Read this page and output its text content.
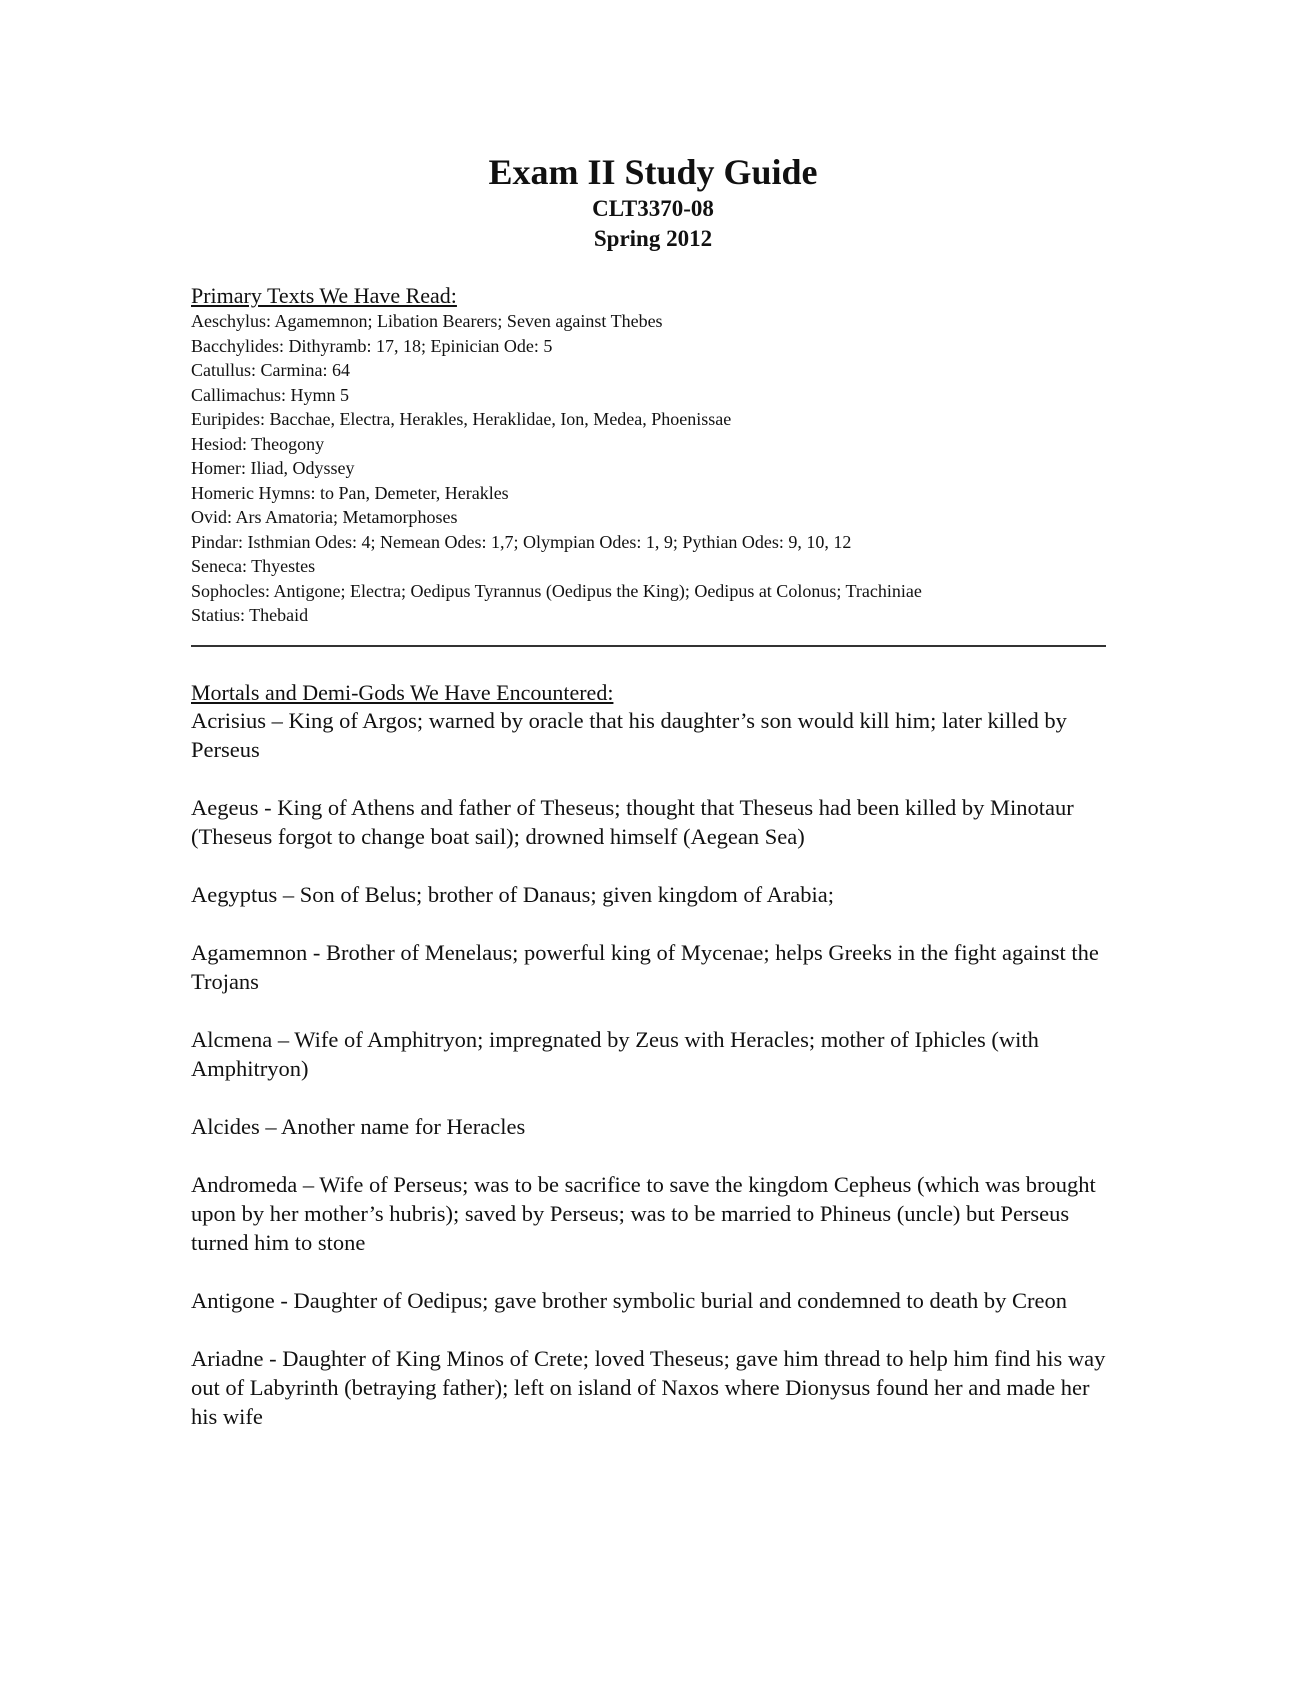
Exam II Study Guide
CLT3370-08
Spring 2012
Primary Texts We Have Read:
Aeschylus: Agamemnon; Libation Bearers; Seven against Thebes
Bacchylides: Dithyramb: 17, 18; Epinician Ode: 5
Catullus: Carmina: 64
Callimachus: Hymn 5
Euripides: Bacchae, Electra, Herakles, Heraklidae, Ion, Medea, Phoenissae
Hesiod: Theogony
Homer: Iliad, Odyssey
Homeric Hymns: to Pan, Demeter, Herakles
Ovid: Ars Amatoria; Metamorphoses
Pindar: Isthmian Odes: 4; Nemean Odes: 1,7; Olympian Odes: 1, 9; Pythian Odes: 9, 10, 12
Seneca: Thyestes
Sophocles: Antigone; Electra; Oedipus Tyrannus (Oedipus the King); Oedipus at Colonus; Trachiniae
Statius: Thebaid
Mortals and Demi-Gods We Have Encountered:
Acrisius – King of Argos; warned by oracle that his daughter’s son would kill him; later killed by Perseus
Aegeus - King of Athens and father of Theseus; thought that Theseus had been killed by Minotaur (Theseus forgot to change boat sail); drowned himself (Aegean Sea)
Aegyptus – Son of Belus; brother of Danaus; given kingdom of Arabia;
Agamemnon - Brother of Menelaus; powerful king of Mycenae; helps Greeks in the fight against the Trojans
Alcmena – Wife of Amphitryon; impregnated by Zeus with Heracles; mother of Iphicles (with Amphitryon)
Alcides – Another name for Heracles
Andromeda – Wife of Perseus; was to be sacrifice to save the kingdom Cepheus (which was brought upon by her mother’s hubris); saved by Perseus; was to be married to Phineus (uncle) but Perseus turned him to stone
Antigone - Daughter of Oedipus; gave brother symbolic burial and condemned to death by Creon
Ariadne - Daughter of King Minos of Crete; loved Theseus; gave him thread to help him find his way out of Labyrinth (betraying father); left on island of Naxos where Dionysus found her and made her his wife
